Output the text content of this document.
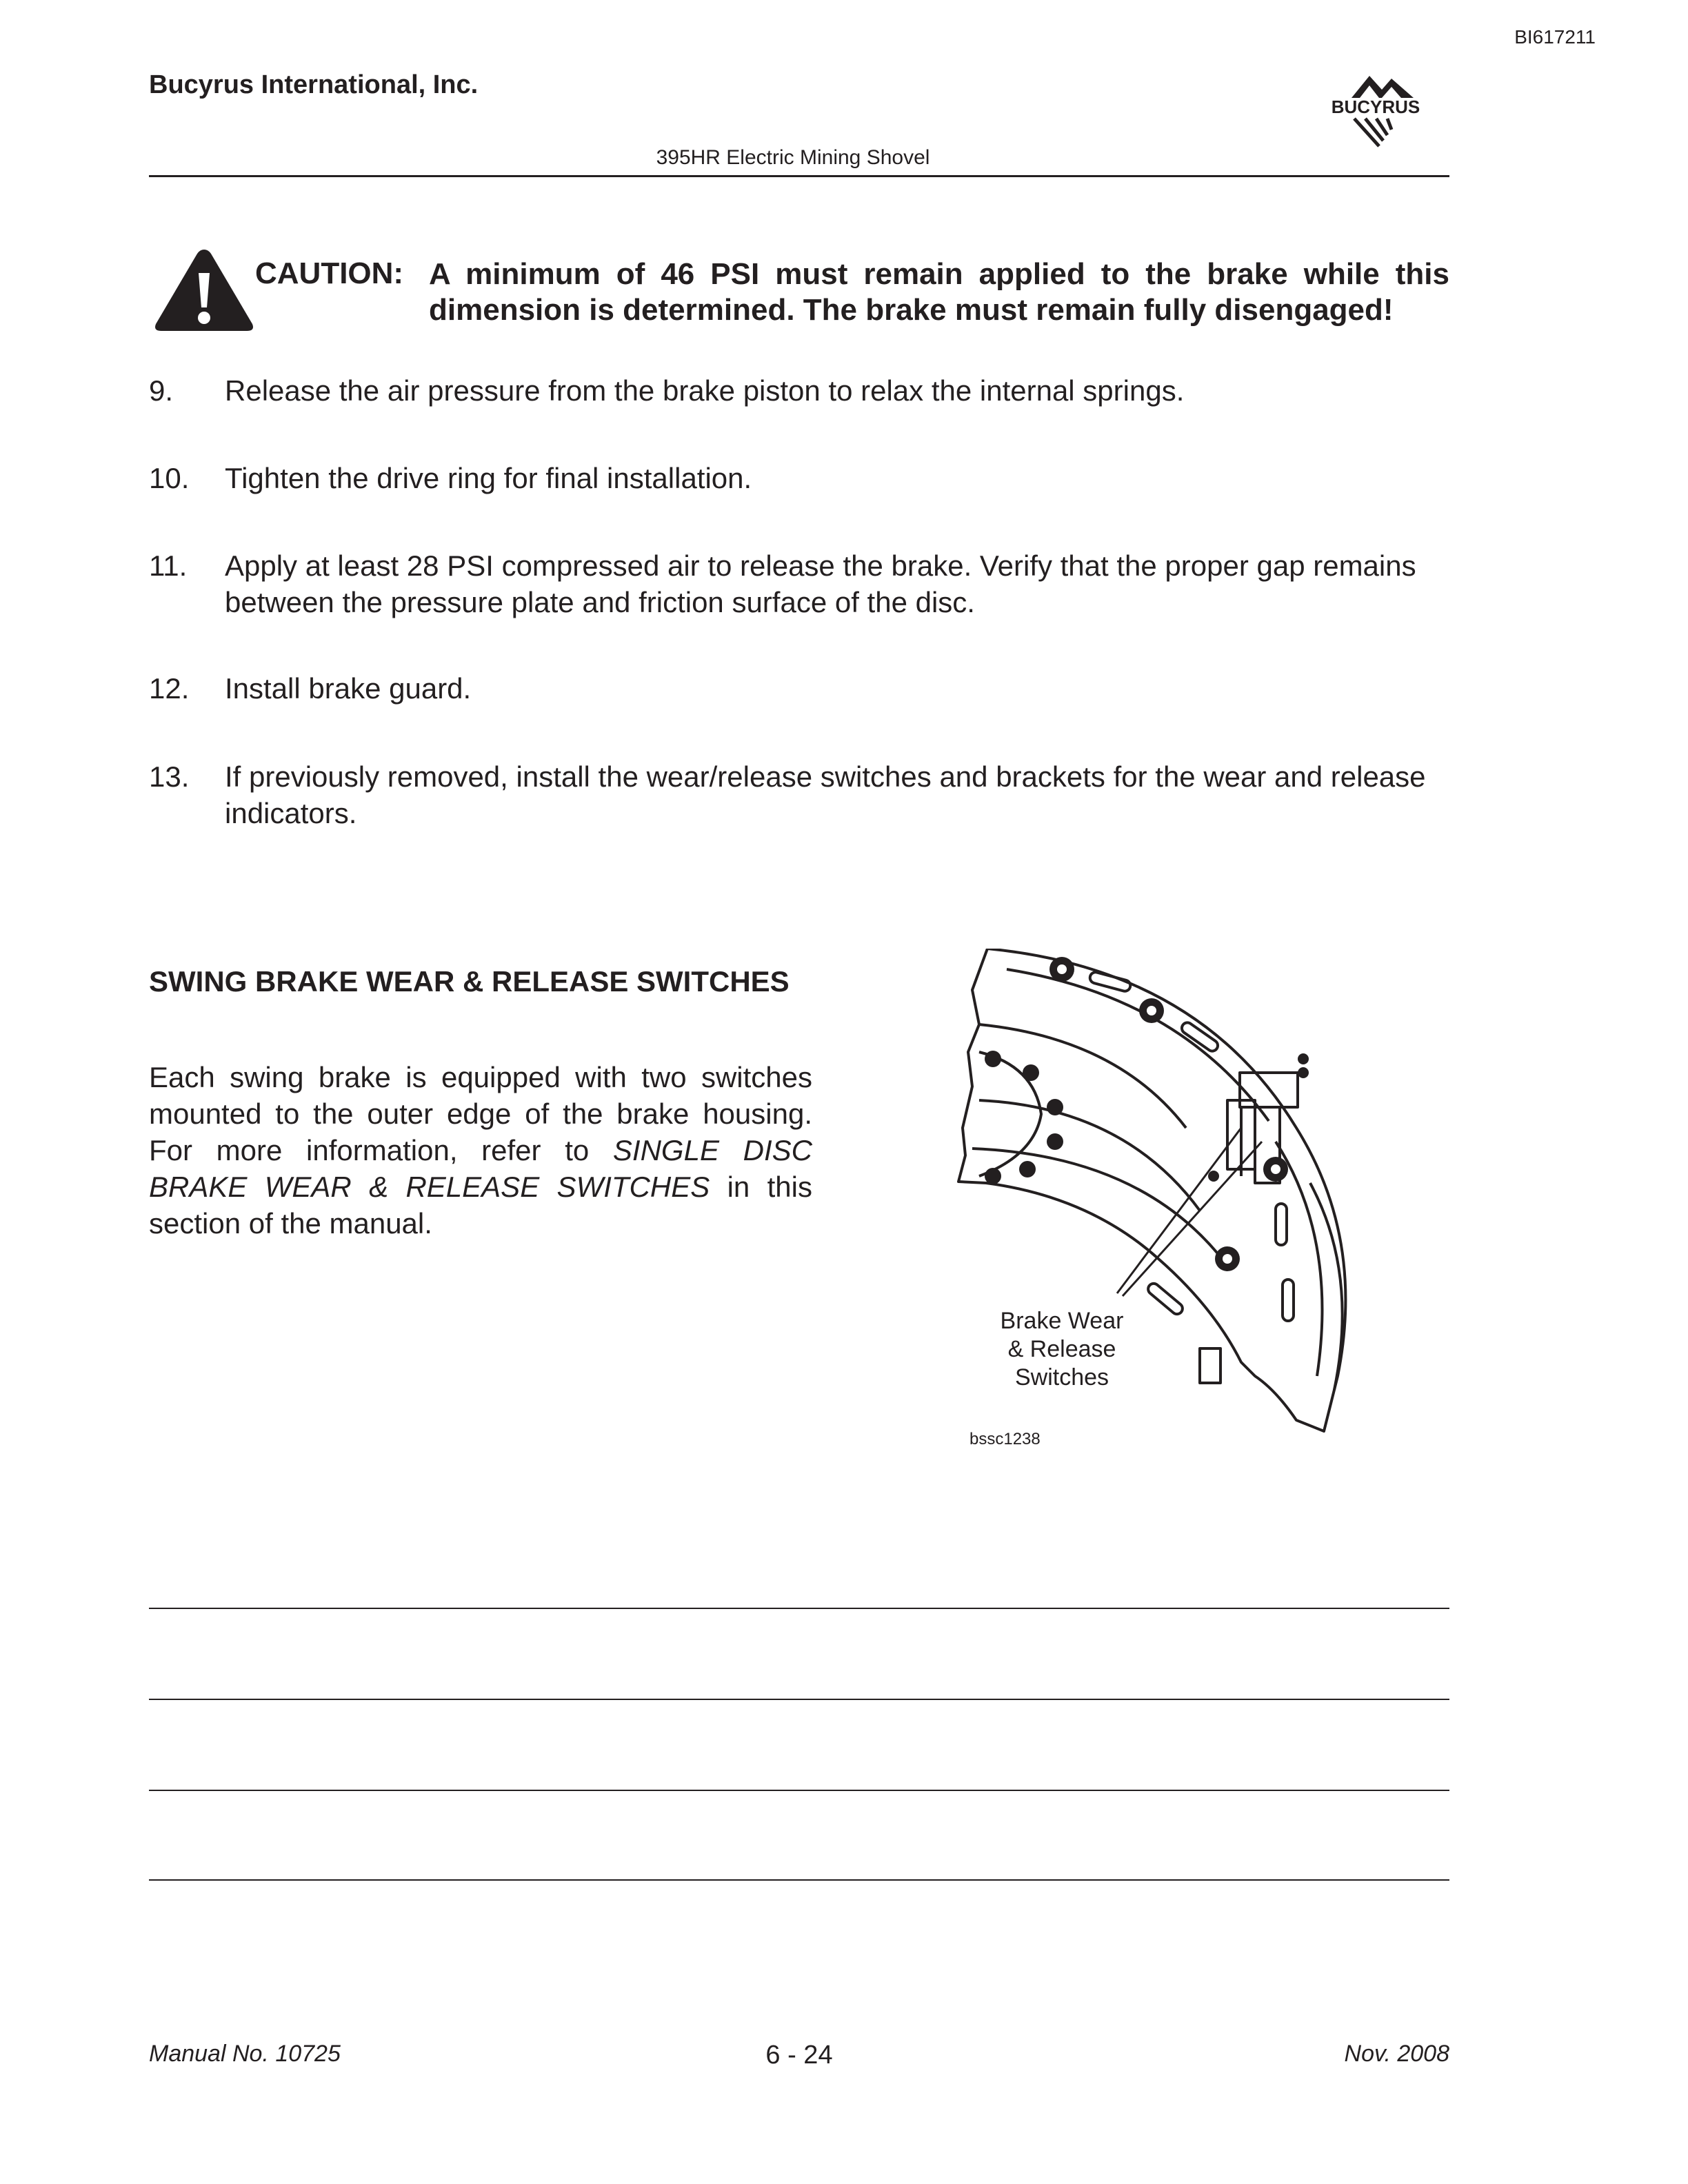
BI617211
Bucyrus International, Inc.
BUCYRUS
395HR Electric Mining Shovel
CAUTION: A minimum of 46 PSI must remain applied to the brake while this dimension is determined. The brake must remain fully disengaged!
9. Release the air pressure from the brake piston to relax the internal springs.
10. Tighten the drive ring for final installation.
11. Apply at least 28 PSI compressed air to release the brake. Verify that the proper gap remains between the pressure plate and friction surface of the disc.
12. Install brake guard.
13. If previously removed, install the wear/release switches and brackets for the wear and release indicators.
SWING BRAKE WEAR & RELEASE SWITCHES
Each swing brake is equipped with two switches mounted to the outer edge of the brake housing. For more information, refer to SINGLE DISC BRAKE WEAR & RELEASE SWITCHES in this section of the manual.
Brake Wear
& Release
Switches
bssc1238
Manual No. 10725	6 - 24	Nov. 2008
